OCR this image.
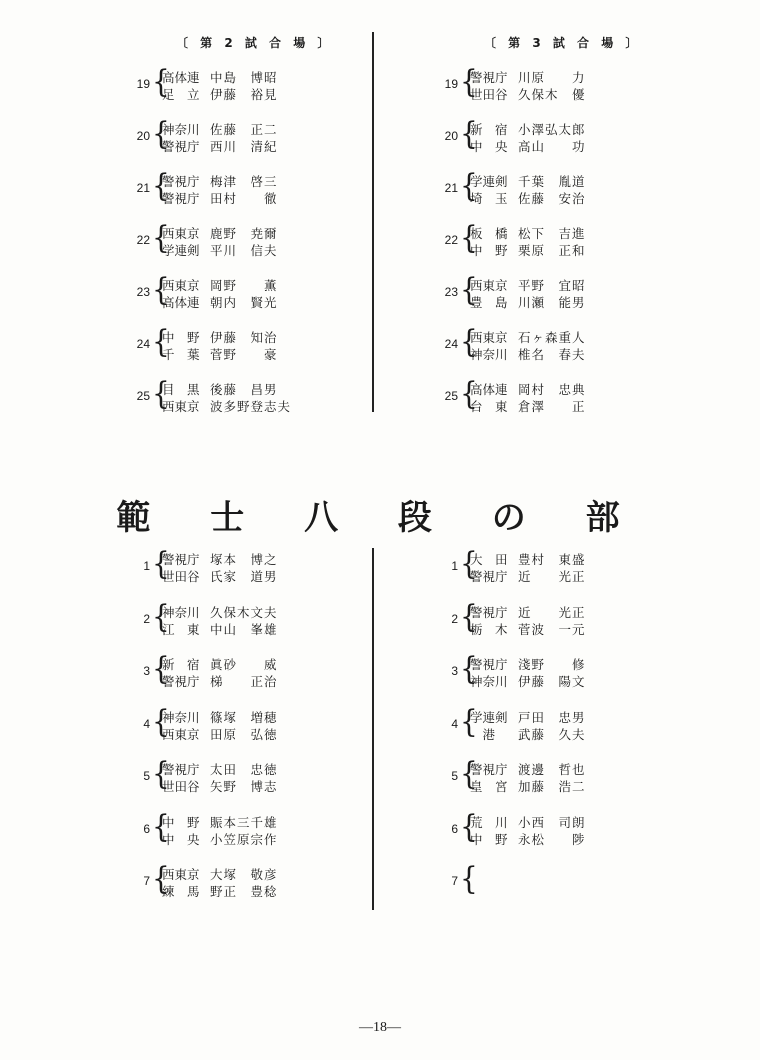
〔 第 2 試 合 場 〕	〔 第 3 試 合 場 〕
19 {
高体連 中島　博昭
足　立 伊藤　裕見
20 {
神奈川 佐藤　正二
警視庁 西川　清紀
21 {
警視庁 梅津　啓三
警視庁 田村　　徹
22 {
西東京 鹿野　尭爾
学連剣 平川　信夫
23 {
西東京 岡野　　薫
高体連 朝内　賢光
24 {
中　野 伊藤　知治
千　葉 菅野　　豪
25 {
目　黒 後藤　昌男
西東京 波多野登志夫
19 {
警視庁 川原　　力
世田谷 久保木　優
20 {
新　宿 小澤弘太郎
中　央 高山　　功
21 {
学連剣 千葉　胤道
埼　玉 佐藤　安治
22 {
板　橋 松下　吉進
中　野 栗原　正和
23 {
西東京 平野　宜昭
豊　島 川瀬　能男
24 {
西東京 石ヶ森重人
神奈川 椎名　春夫
25 {
高体連 岡村　忠典
台　東 倉澤　　正
範 士 八 段 の 部
1 {
警視庁 塚本　博之
世田谷 氏家　道男
2 {
神奈川 久保木文夫
江　東 中山　峯雄
3 {
新　宿 眞砂　　威
警視庁 梯　　正治
4 {
神奈川 篠塚　増穂
西東京 田原　弘徳
5 {
警視庁 太田　忠徳
世田谷 矢野　博志
6 {
中　野 賑本三千雄
中　央 小笠原宗作
7 {
西東京 大塚　敬彦
練　馬 野正　豊稔
1 {
大　田 豊村　東盛
警視庁 近　　光正
2 {
警視庁 近　　光正
栃　木 菅波　一元
3 {
警視庁 淺野　　修
神奈川 伊藤　陽文
4 {
学連剣 戸田　忠男
　港 武藤　久夫
5 {
警視庁 渡邊　哲也
皇　宮 加藤　浩二
6 {
荒　川 小西　司朗
中　野 永松　　陟
7 {
—18—
